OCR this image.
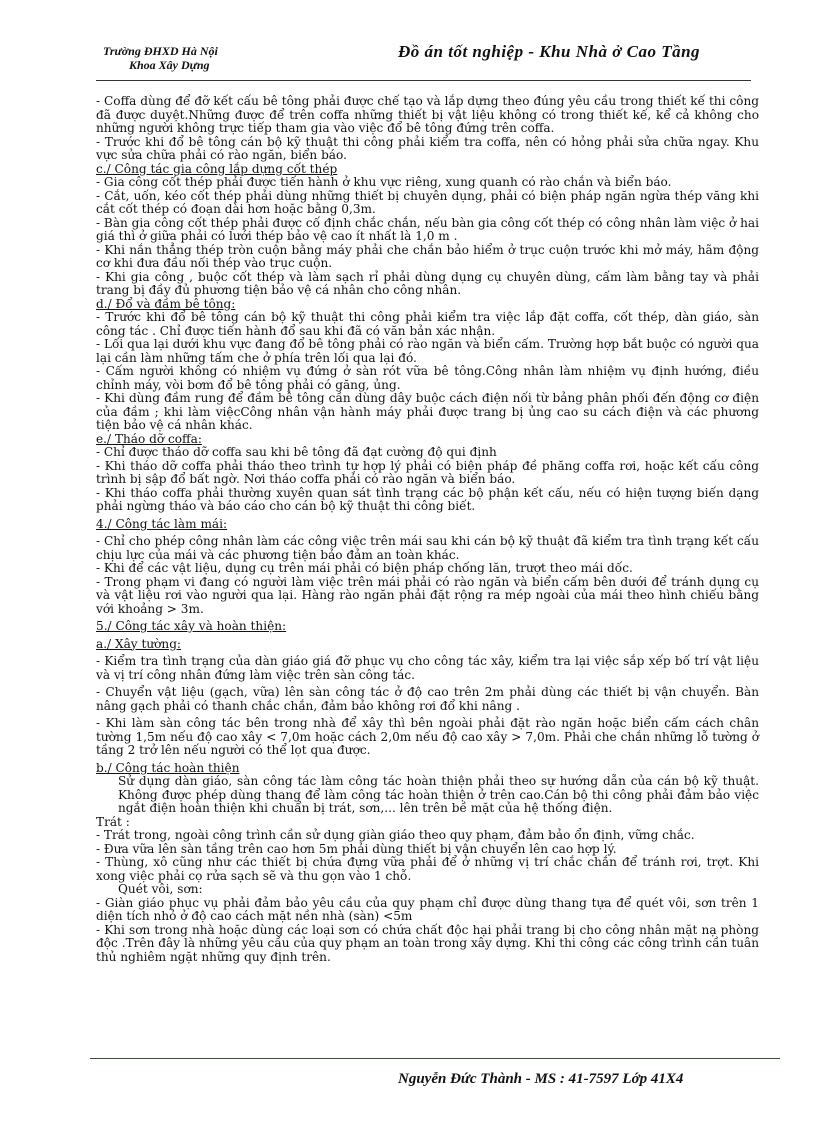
Trường ĐHXD Hà Nội
Khoa Xây Dựng
Đồ án tốt nghiệp - Khu Nhà ở Cao Tầng

- Coffa dùng để đỡ kết cấu bê tông phải được chế tạo và lắp dựng theo đúng yêu cầu trong thiết kế thi công đã được duyệt.Những được để trên coffa những thiết bị vật liệu không có trong thiết kế, kể cả không cho những người không trực tiếp tham gia vào việc đổ bê tông đứng trên coffa.

- Trước khi đổ bê tông cán bộ kỹ thuật thi công phải kiểm tra coffa, nên có hỏng phải sửa chữa ngay. Khu vực sửa chữa phải có rào ngăn, biển báo.

c./ Công tác gia công lắp dựng cốt thép

- Gia công cốt thép phải được tiến hành ở khu vực riêng, xung quanh có rào chắn và biển báo.

- Cắt, uốn, kéo cốt thép phải dùng những thiết bị chuyên dụng, phải có biện pháp ngăn ngừa thép văng khi cắt cốt thép có đoạn dài hơn hoặc bằng 0,3m.

- Bàn gia công cốt thép phải được cố định chắc chắn, nếu bàn gia công cốt thép có công nhân làm việc ở hai giá thì ở giữa phải có lưới thép bảo vệ cao ít nhất là 1,0 m .

- Khi nắn thẳng thép tròn cuộn bằng máy phải che chắn bảo hiểm ở trục cuộn trước khi mở máy, hãm động cơ khi đưa đầu nối thép vào trục cuộn.

- Khi gia công , buộc cốt thép và làm sạch rỉ phải dùng dụng cụ chuyên dùng, cấm làm bằng tay và phải trang bị đầy đủ phương tiện bảo vệ cá nhân cho công nhân.

d./ Đổ và đầm bê tông:

- Trước khi đổ bê tông cán bộ kỹ thuật thi công phải kiểm tra việc lắp đặt coffa, cốt thép, dàn giáo, sàn công tác . Chỉ được tiến hành đổ sau khi đã có văn bản xác nhận.

- Lối qua lại dưới khu vực đang đổ bê tông phải có rào ngăn và biển cấm. Trường hợp bắt buộc có người qua lại cần làm những tấm che ở phía trên lối qua lại đó.

- Cấm người không có nhiệm vụ đứng ở sàn rót vữa bê tông.Công nhân làm nhiệm vụ định hướng, điều chỉnh máy, vòi bơm đổ bê tông phải có găng, ủng.

- Khi dùng đầm rung để đầm bê tông cần dùng dây buộc cách điện nối từ bảng phân phối đến động cơ điện của đầm ; khi làm việcCông nhân vận hành máy phải được trang bị ủng cao su cách điện và các phương tiện bảo vệ cá nhân khác.

e./ Tháo dỡ coffa:

- Chỉ được tháo dỡ coffa sau khi bê tông đã đạt cường độ qui định

- Khi tháo dỡ coffa phải tháo theo trình tự hợp lý phải có biện pháp đề phăng coffa rơi, hoặc kết cấu công trình bị sập đổ bất ngờ. Nơi tháo coffa phải có rào ngăn và biển báo.

- Khi tháo coffa phải thường xuyên quan sát tình trạng các bộ phận kết cấu, nếu có hiện tượng biến dạng phải ngừng tháo và báo cáo cho cán bộ kỹ thuật thi công biết.

4./ Công tác làm mái:

- Chỉ cho phép công nhân làm các công việc trên mái sau khi cán bộ kỹ thuật đã kiểm tra tình trạng kết cấu chịu lực của mái và các phương tiện bảo đảm an toàn khác.

- Khi để các vật liệu, dụng cụ trên mái phải có biện pháp chống lăn, trượt theo mái dốc.

- Trong phạm vi đang có người làm việc trên mái phải có rào ngăn và biển cấm bên dưới để tránh dụng cụ và vật liệu rơi vào người qua lại. Hàng rào ngăn phải đặt rộng ra mép ngoài của mái theo hình chiếu bằng với khoảng > 3m.

5./ Công tác xây và hoàn thiện:

a./ Xây tường:

- Kiểm tra tình trạng của dàn giáo giá đỡ phục vụ cho công tác xây, kiểm tra lại việc sắp xếp bố trí vật liệu và vị trí công nhân đứng làm việc trên sàn công tác.

- Chuyển vật liệu (gạch, vữa) lên sàn công tác ở độ cao trên 2m phải dùng các thiết bị vận chuyển. Bàn nâng gạch phải có thanh chắc chắn, đảm bảo không rơi đổ khi nâng .

- Khi làm sàn công tác bên trong nhà để xây thì bên ngoài phải đặt rào ngăn hoặc biển cấm cách chân tường 1,5m nếu độ cao xây < 7,0m hoặc cách 2,0m nếu độ cao xây > 7,0m. Phải che chắn những lỗ tường ở tầng 2 trở lên nếu người có thể lọt qua được.

b./ Công tác hoàn thiện

Sử dụng dàn giáo, sàn công tác làm công tác hoàn thiện phải theo sự hướng dẫn của cán bộ kỹ thuật. Không được phép dùng thang để làm công tác hoàn thiện ở trên cao.Cán bộ thi công phải đảm bảo việc ngắt điện hoàn thiện khi chuẩn bị trát, sơn,... lên trên bề mặt của hệ thống điện.

Trát :

- Trát trong, ngoài công trình cần sử dụng giàn giáo theo quy phạm, đảm bảo ổn định, vững chắc.

- Đưa vữa lên sàn tầng trên cao hơn 5m phải dùng thiết bị vận chuyển lên cao hợp lý.

- Thùng, xô cũng như các thiết bị chứa đựng vữa phải để ở những vị trí chắc chắn để tránh rơi, trợt. Khi xong việc phải cọ rửa sạch sẽ và thu gọn vào 1 chỗ.

Quét vôi, sơn:

- Giàn giáo phục vụ phải đảm bảo yêu cầu của quy phạm chỉ được dùng thang tựa để quét vôi, sơn trên 1 diện tích nhỏ ở độ cao cách mặt nền nhà (sàn) <5m

- Khi sơn trong nhà hoặc dùng các loại sơn có chứa chất độc hại phải trang bị cho công nhân mặt nạ phòng độc .Trên đây là những yêu cầu của quy phạm an toàn trong xây dựng. Khi thi công các công trình cần tuân thủ nghiêm ngặt những quy định trên.

Nguyễn Đức Thành - MS : 41-7597 Lớp 41X4
